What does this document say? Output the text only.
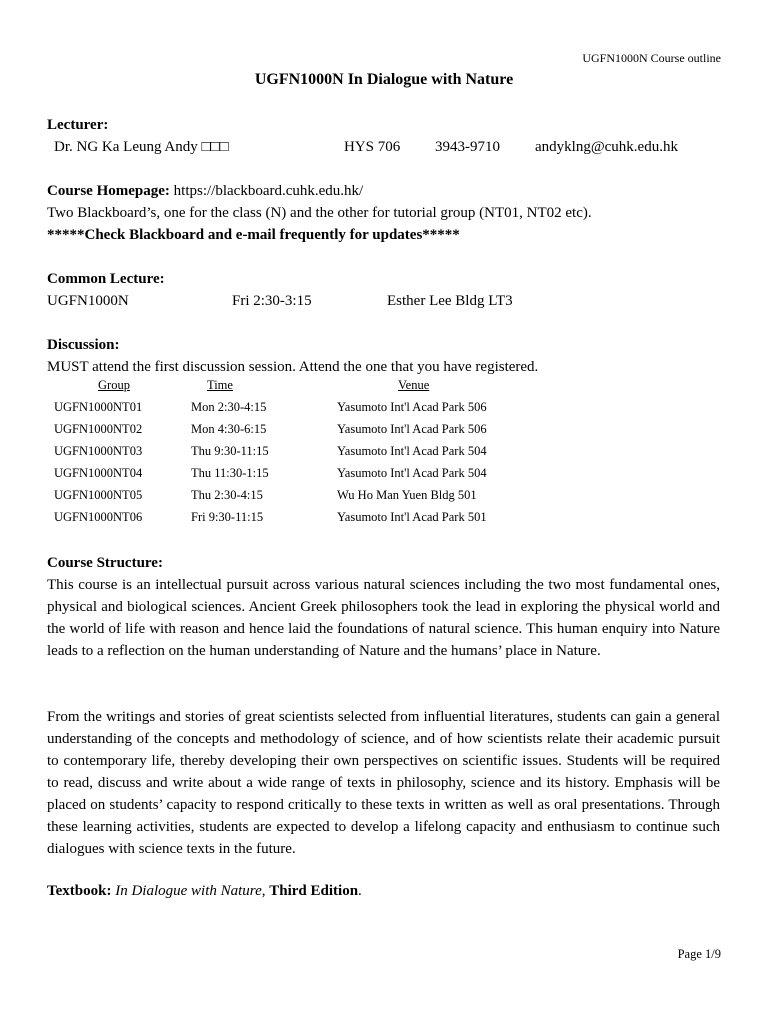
UGFN1000N Course outline
UGFN1000N In Dialogue with Nature
Lecturer:
Dr. NG Ka Leung Andy □□□	HYS 706 3943-9710 andyklng@cuhk.edu.hk
Course Homepage: https://blackboard.cuhk.edu.hk/
Two Blackboard’s, one for the class (N) and the other for tutorial group (NT01, NT02 etc).
*****Check Blackboard and e-mail frequently for updates*****
Common Lecture:
UGFN1000N	Fri 2:30-3:15	Esther Lee Bldg LT3
Discussion:
MUST attend the first discussion session. Attend the one that you have registered.
Group	Time	Venue
UGFN1000NT01	Mon 2:30-4:15	Yasumoto Int'l Acad Park 506
UGFN1000NT02	Mon 4:30-6:15	Yasumoto Int'l Acad Park 506
UGFN1000NT03	Thu 9:30-11:15	Yasumoto Int'l Acad Park 504
UGFN1000NT04	Thu 11:30-1:15	Yasumoto Int'l Acad Park 504
UGFN1000NT05	Thu 2:30-4:15	Wu Ho Man Yuen Bldg 501
UGFN1000NT06	Fri 9:30-11:15	Yasumoto Int'l Acad Park 501
Course Structure:
This course is an intellectual pursuit across various natural sciences including the two most fundamental ones, physical and biological sciences. Ancient Greek philosophers took the lead in exploring the physical world and the world of life with reason and hence laid the foundations of natural science. This human enquiry into Nature leads to a reflection on the human understanding of Nature and the humans’ place in Nature.
From the writings and stories of great scientists selected from influential literatures, students can gain a general understanding of the concepts and methodology of science, and of how scientists relate their academic pursuit to contemporary life, thereby developing their own perspectives on scientific issues. Students will be required to read, discuss and write about a wide range of texts in philosophy, science and its history. Emphasis will be placed on students’ capacity to respond critically to these texts in written as well as oral presentations. Through these learning activities, students are expected to develop a lifelong capacity and enthusiasm to continue such dialogues with science texts in the future.
Textbook: In Dialogue with Nature, Third Edition.
Page 1/9
